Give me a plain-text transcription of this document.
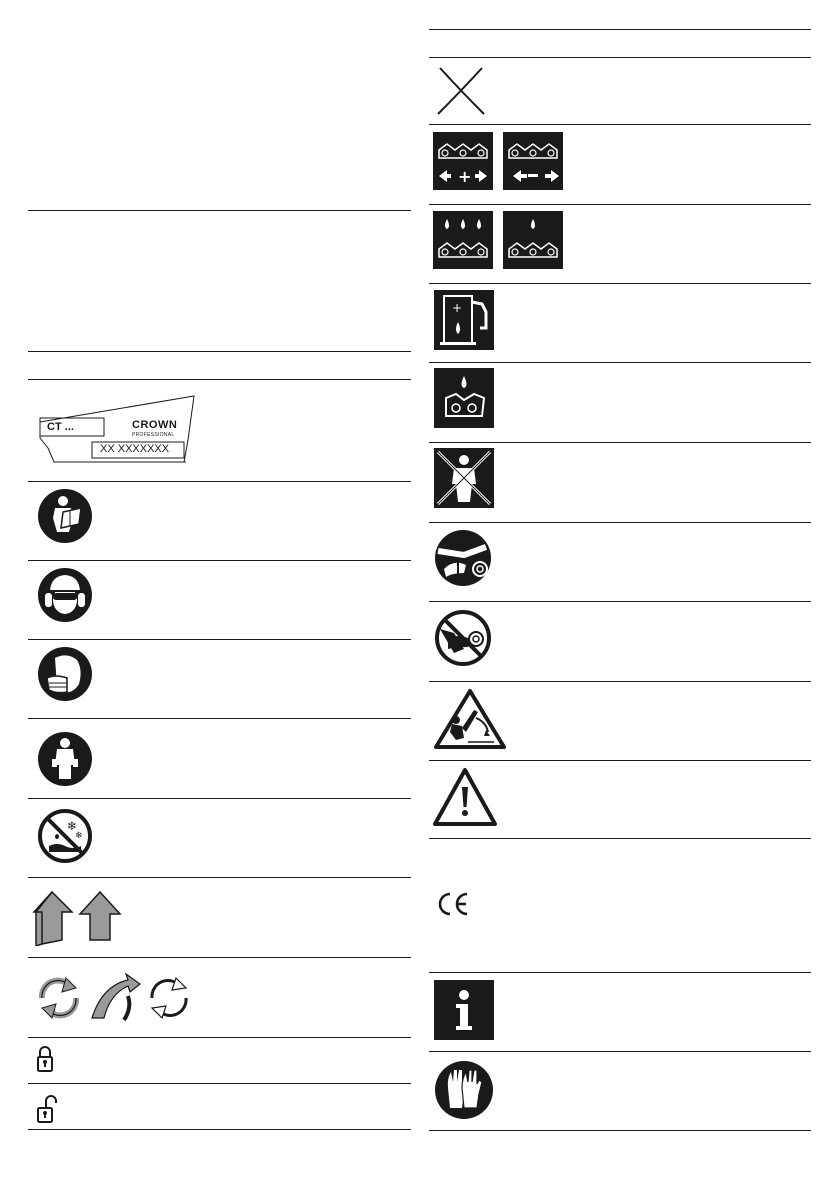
CT ...	CROWN
PROFESSIONAL
XX XXXXXXX
❄
❄
+
+
